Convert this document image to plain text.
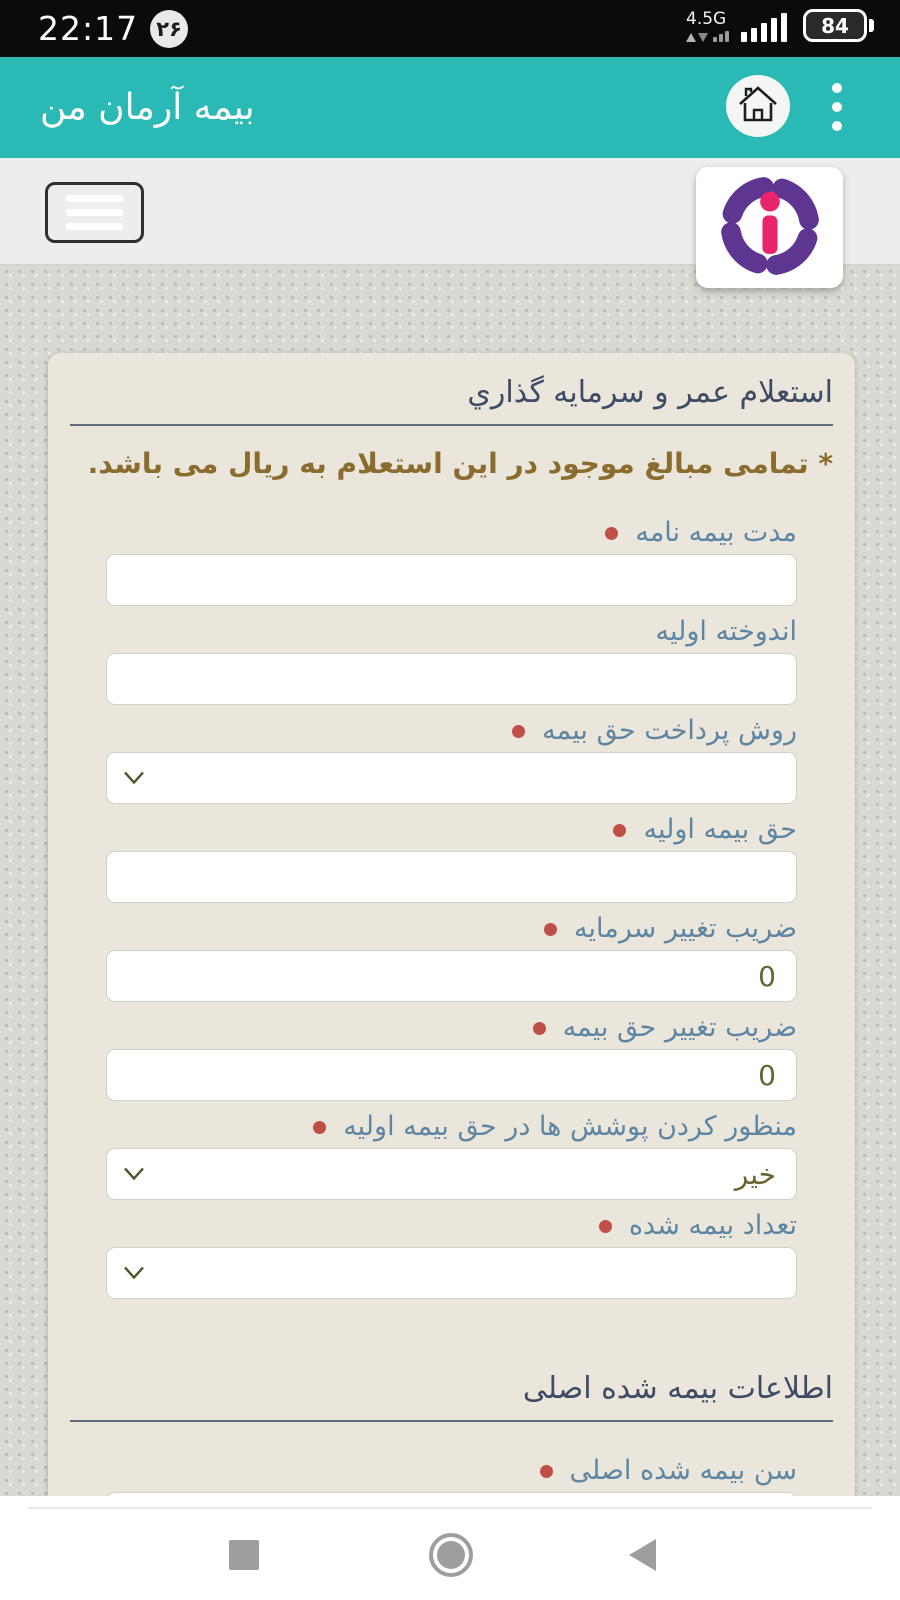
22:17 ۲۶	4.5G	84
بیمه آرمان من
استعلام عمر و سرمایه گذاري

* تمامی مبالغ موجود در این استعلام به ریال می باشد.

مدت بیمه نامه
اندوخته اولیه
روش پرداخت حق بیمه
حق بیمه اولیه
ضریب تغییر سرمایه
0
ضریب تغییر حق بیمه
0
منظور کردن پوشش ها در حق بیمه اولیه
خیر
تعداد بیمه شده
اطلاعات بیمه شده اصلی
سن بیمه شده اصلی
